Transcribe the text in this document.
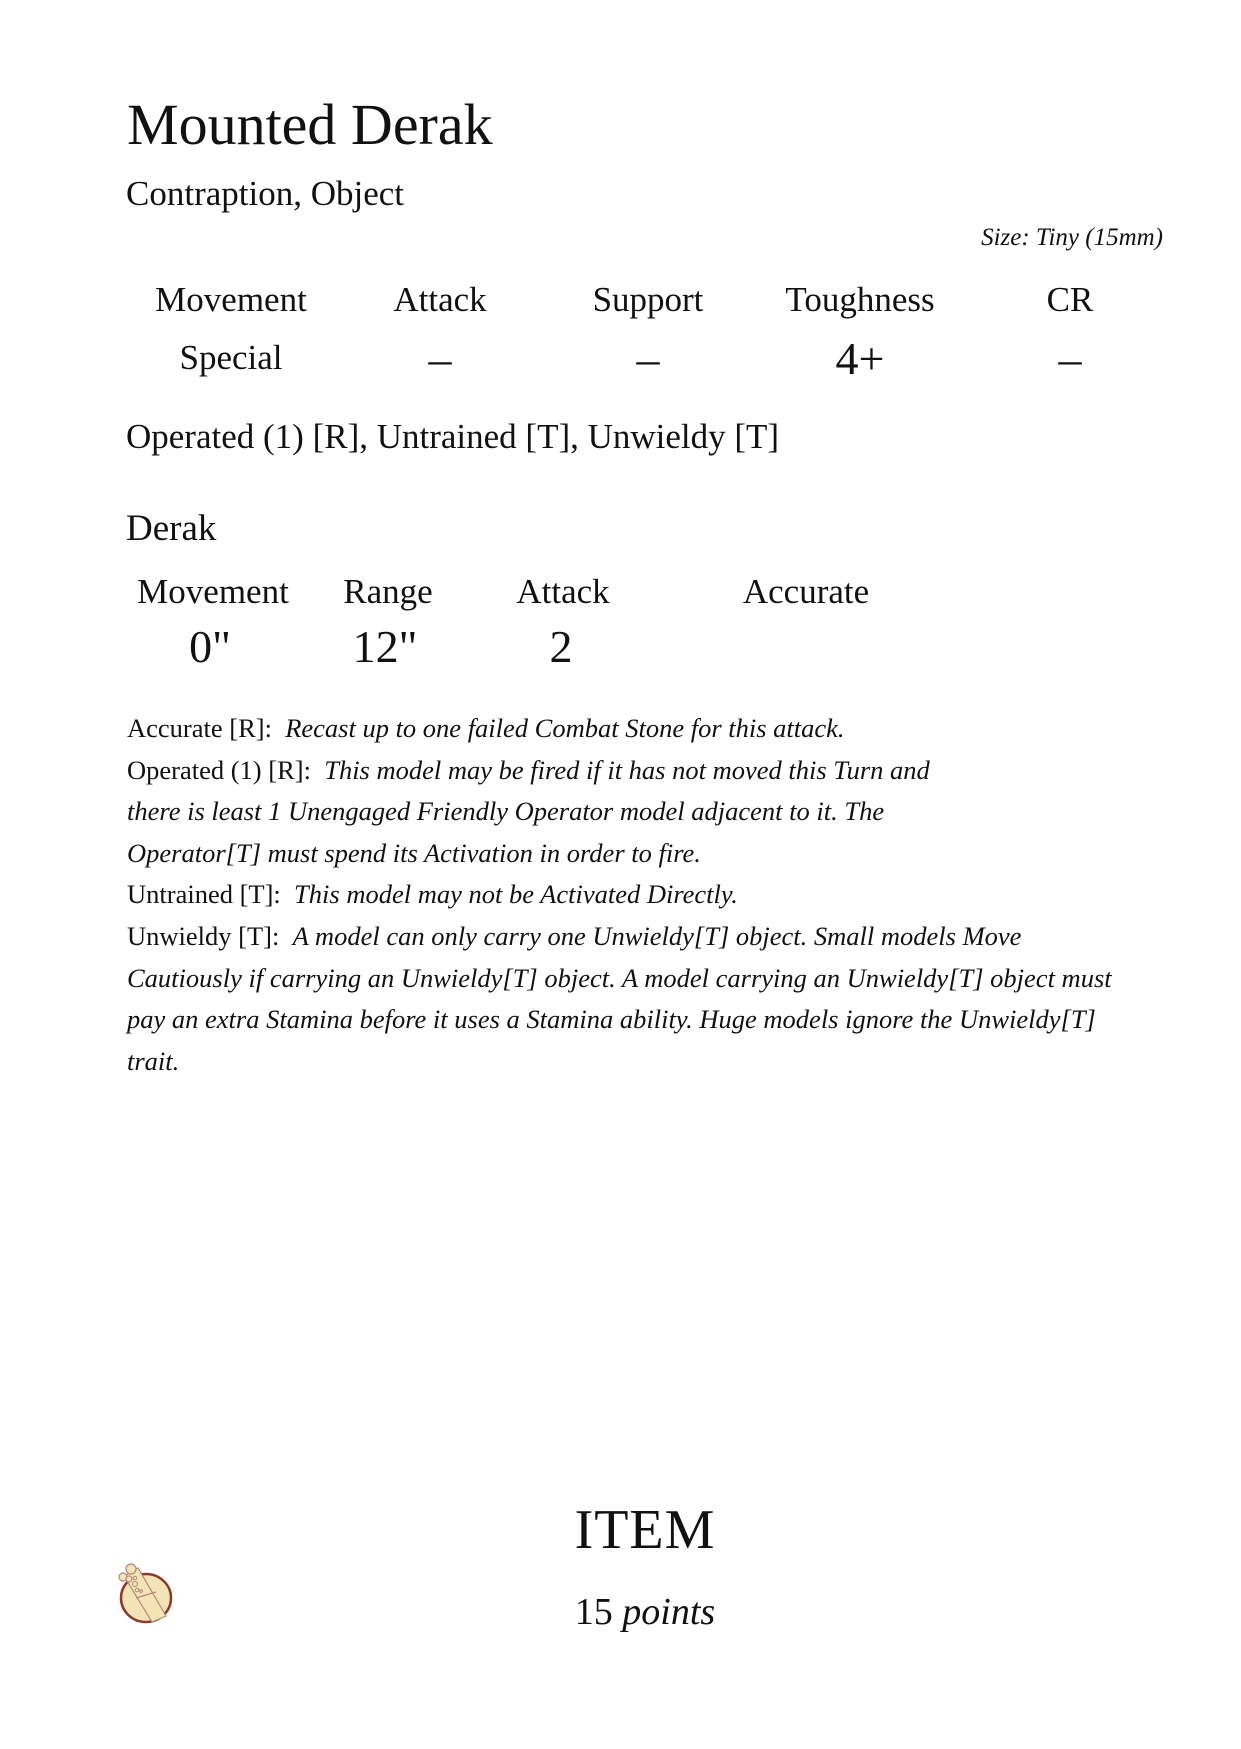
Mounted Derak
Contraption, Object
Size: Tiny (15mm)
Movement	Attack	Support	Toughness	CR
Special	–	–	4+	–
Operated (1) [R], Untrained [T], Unwieldy [T]
Derak
Movement	Range	Attack	Accurate
0"	12"	2
Accurate [R]: Recast up to one failed Combat Stone for this attack.
Operated (1) [R]: This model may be fired if it has not moved this Turn and there is least 1 Unengaged Friendly Operator model adjacent to it. The Operator[T] must spend its Activation in order to fire.
Untrained [T]: This model may not be Activated Directly.
Unwieldy [T]: A model can only carry one Unwieldy[T] object. Small models Move Cautiously if carrying an Unwieldy[T] object. A model carrying an Unwieldy[T] object must pay an extra Stamina before it uses a Stamina ability. Huge models ignore the Unwieldy[T] trait.
ITEM
15 points
